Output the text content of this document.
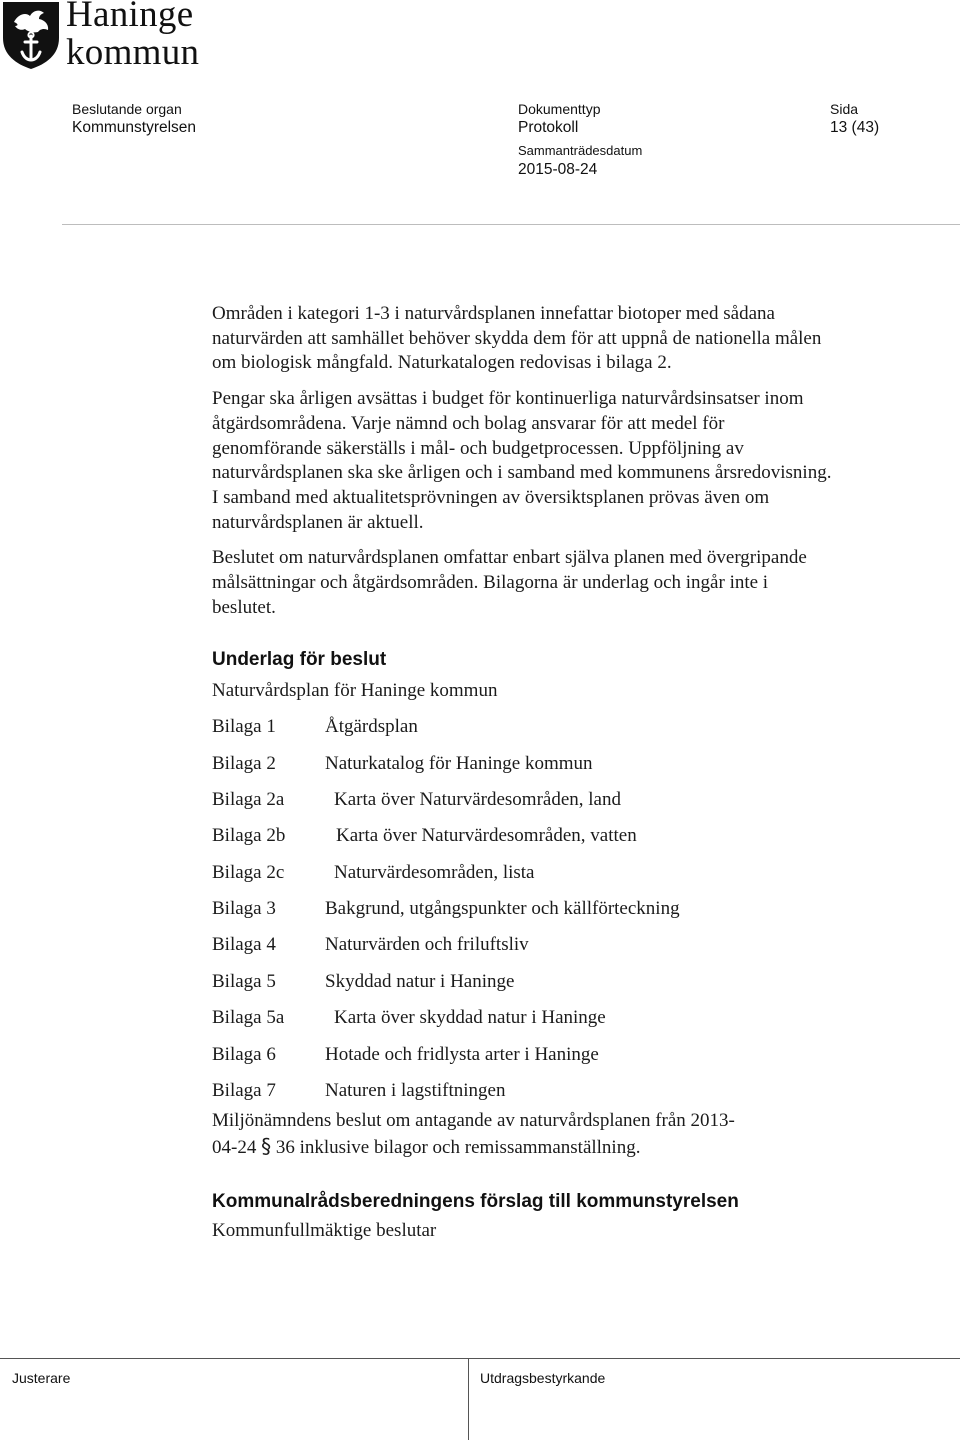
Haninge
kommun
Beslutande organ
Kommunstyrelsen
Dokumenttyp
Protokoll
Sammanträdesdatum
2015-08-24
Sida
13 (43)

Områden i kategori 1-3 i naturvårdsplanen innefattar biotoper med sådana naturvärden att samhället behöver skydda dem för att uppnå de nationella målen om biologisk mångfald. Naturkatalogen redovisas i bilaga 2.

Pengar ska årligen avsättas i budget för kontinuerliga naturvårdsinsatser inom åtgärdsområdena. Varje nämnd och bolag ansvarar för att medel för genomförande säkerställs i mål- och budgetprocessen. Uppföljning av naturvårdsplanen ska ske årligen och i samband med kommunens årsredovisning. I samband med aktualitetsprövningen av översiktsplanen prövas även om naturvårdsplanen är aktuell.

Beslutet om naturvårdsplanen omfattar enbart själva planen med övergripande målsättningar och åtgärdsområden. Bilagorna är underlag och ingår inte i beslutet.

Underlag för beslut
Naturvårdsplan för Haninge kommun
Bilaga 1	Åtgärdsplan
Bilaga 2	Naturkatalog för Haninge kommun
Bilaga 2a	Karta över Naturvärdesområden, land
Bilaga 2b	Karta över Naturvärdesområden, vatten
Bilaga 2c	Naturvärdesområden, lista
Bilaga 3	Bakgrund, utgångspunkter och källförteckning
Bilaga 4	Naturvärden och friluftsliv
Bilaga 5	Skyddad natur i Haninge
Bilaga 5a	Karta över skyddad natur i Haninge
Bilaga 6	Hotade och fridlysta arter i Haninge
Bilaga 7	Naturen i lagstiftningen
Miljönämndens beslut om antagande av naturvårdsplanen från 2013-
04-24 § 36 inklusive bilagor och remissammanställning.
Kommunalrådsberedningens förslag till kommunstyrelsen
Kommunfullmäktige beslutar
Justerare	Utdragsbestyrkande
